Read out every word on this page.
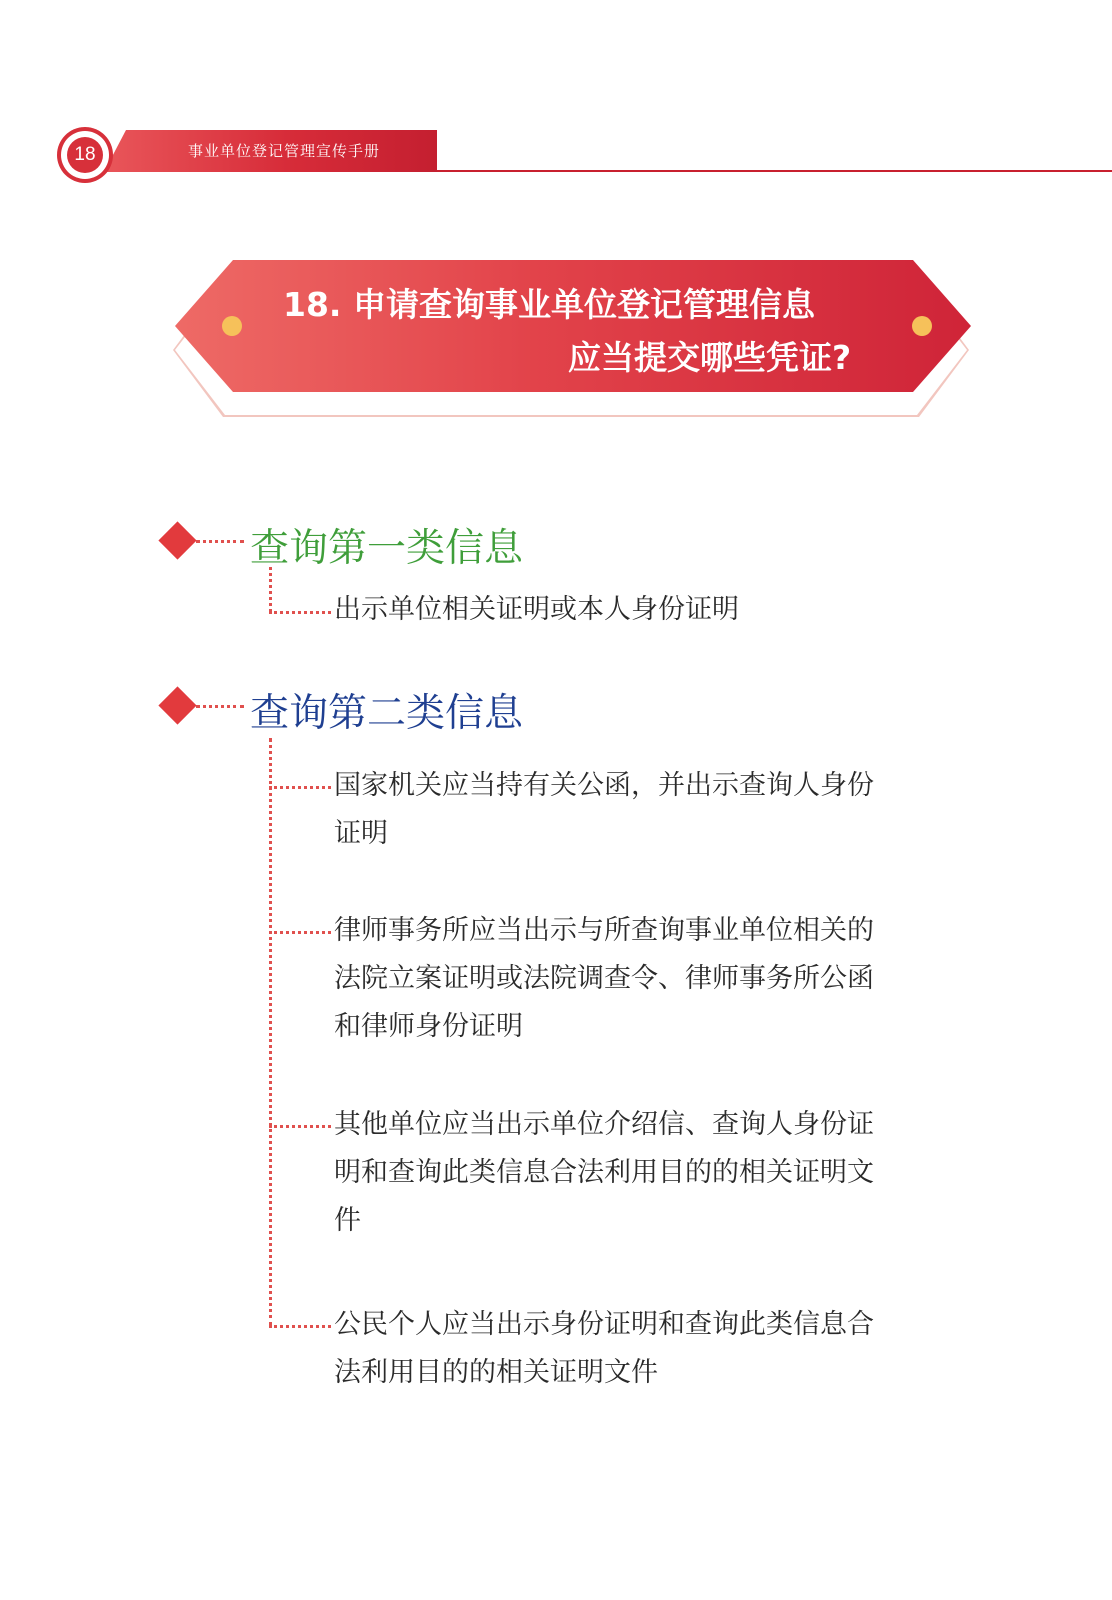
事业单位登记管理宣传手册
18
18. 申请查询事业单位登记管理信息
应当提交哪些凭证?
查询第一类信息
出示单位相关证明或本人身份证明
查询第二类信息
国家机关应当持有关公函，并出示查询人身份证明
律师事务所应当出示与所查询事业单位相关的法院立案证明或法院调查令、律师事务所公函和律师身份证明
其他单位应当出示单位介绍信、查询人身份证明和查询此类信息合法利用目的的相关证明文件
公民个人应当出示身份证明和查询此类信息合法利用目的的相关证明文件
